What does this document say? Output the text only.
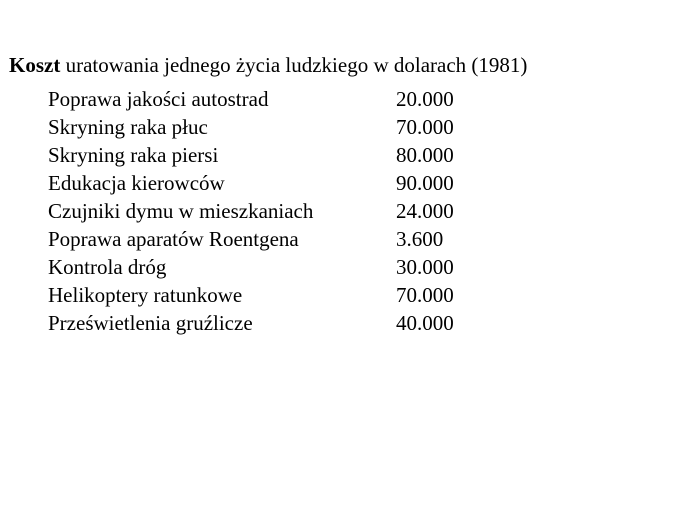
Koszt uratowania jednego życia ludzkiego w dolarach (1981)
Poprawa jakości autostrad	20.000
Skryning raka płuc	70.000
Skryning raka piersi	80.000
Edukacja kierowców	90.000
Czujniki dymu w mieszkaniach	24.000
Poprawa aparatów Roentgena	3.600
Kontrola dróg	30.000
Helikoptery ratunkowe	70.000
Prześwietlenia gruźlicze	40.000
